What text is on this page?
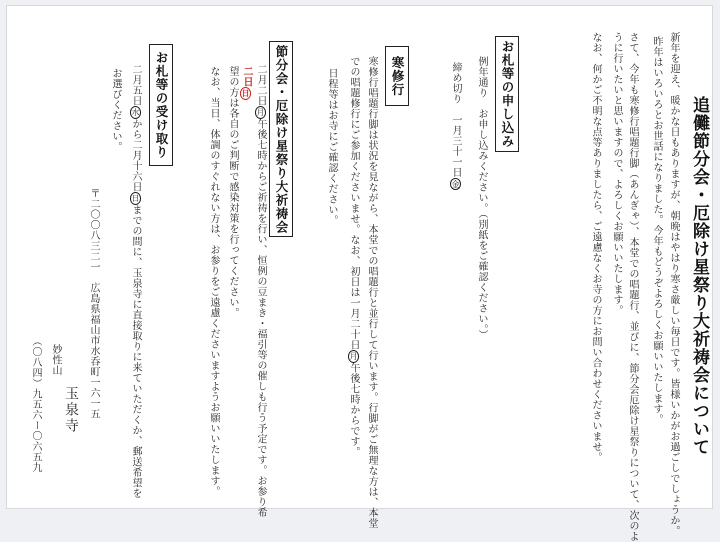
追儺節分会・厄除け星祭り大祈祷会について
新年を迎え、暖かな日もありますが、朝晩はやはり寒さ厳しい毎日です。皆様いかがお過ごしでしょうか。
昨年はいろいろとお世話になりました。今年もどうぞよろしくお願いいたします。
さて、今年も寒修行唱題行脚（あんぎゃ）、本堂での唱題行、並びに、節分会厄除け星祭りについて、次のよ
うに行いたいと思いますので、よろしくお願いいたします。
なお、何かご不明な点等ありましたら、ご遠慮なくお寺の方にお問い合わせくださいませ。
お札等の申し込み
例年通り　お申し込みください。（別紙をご確認ください。）
締め切り　一月三十一日金
寒修行
寒修行唱題行脚は状況を見ながら、本堂での唱題行と並行して行います。行脚がご無理な方は、本堂
での唱題修行にご参加くださいませ。なお、初日は一月二十日月午後七時からです。
日程等はお寺にご確認ください。
節分会・厄除け星祭り大祈祷会
二月二日月午後七時からご祈祷を行い、恒例の豆まき・福引等の催しも行う予定です。お参り希
二日日
望の方は各自のご判断で感染対策を行ってください。
なお、当日、体調のすぐれない方は、お参りをご遠慮くださいますようお願いいたします。
お札等の受け取り
二月五日水から二月十六日日までの間に、玉泉寺に直接取りに来ていただくか、郵送希望を
お選びください。
〒二〇〇八三二一　広島県福山市水呑町一六一五
玉泉寺
妙性山
（〇八四）九五六ー〇六五九
